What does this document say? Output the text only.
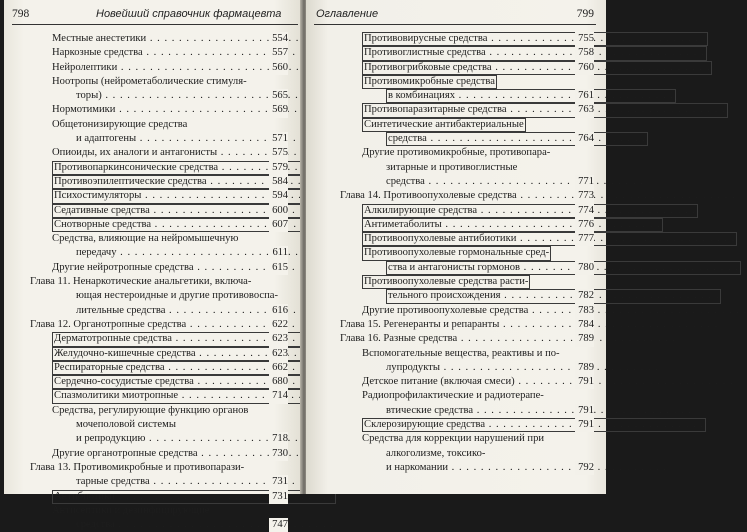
798	Новейший справочник фармацевта
Местные анестетики . . .	554
Наркозные средства . . .	557
Нейролептики . . .	560
Ноотропы (нейрометаболические стимуля-
торы) . . .	565
Нормотимики . . .	569
Общетонизирующие средства
и адаптогены . . .	571
Опиоиды, их аналоги и антагонисты . . .	575
Противопаркинсонические средства . . .	579
Противоэпилептические средства . . .	584
Психостимуляторы . . .	594
Седативные средства . . .	600
Снотворные средства . . .	607
Средства, влияющие на нейромышечную
передачу . . .	611
Другие нейротропные средства . . .	615
Глава 11. Ненаркотические анальгетики, включа-
ющая нестероидные и другие противовоспа-
лительные средства . . .	616
Глава 12. Органотропные средства . . .	622
Дерматотропные средства . . .	623
Желудочно-кишечные средства . . .	623
Респираторные средства . . .	662
Сердечно-сосудистые средства . . .	680
Спазмолитики миотропные . . .	714
Средства, регулирующие функцию органов
мочеполовой системы
и репродукцию . . .	718
Другие органотропные средства . . .	730
Глава 13. Противомикробные и противопарази-
тарные средства . . .	731
Антибиотики . . .	731
Антисептики и дезинфицирующие
средства . . .	747
Оглавление	799
Противовирусные средства . . .	755
Противоглистные средства . . .	758
Противогрибковые средства . . .	760
Противомикробные средства
в комбинациях . . .	761
Противопаразитарные средства . . .	763
Синтетические антибактериальные
средства . . .	764
Другие противомикробные, противопара-
зитарные и противоглистные
средства . . .	771
Глава 14. Противоопухолевые средства . . .	773
Алкилирующие средства . . .	774
Антиметаболиты . . .	776
Противоопухолевые антибиотики . . .	777
Противоопухолевые гормональные сред-
ства и антагонисты гормонов . . .	780
Противоопухолевые средства расти-
тельного происхождения . . .	782
Другие противоопухолевые средства . . .	783
Глава 15. Регенеранты и репаранты . . .	784
Глава 16. Разные средства . . .	789
Вспомогательные вещества, реактивы и по-
лупродукты . . .	789
Детское питание (включая смеси) . . .	791
Радиопрофилактические и радиотерапе-
втические средства . . .	791
Склерозирующие средства . . .	791
Средства для коррекции нарушений при
алкоголизме, токсико-
и наркомании . . .	792
